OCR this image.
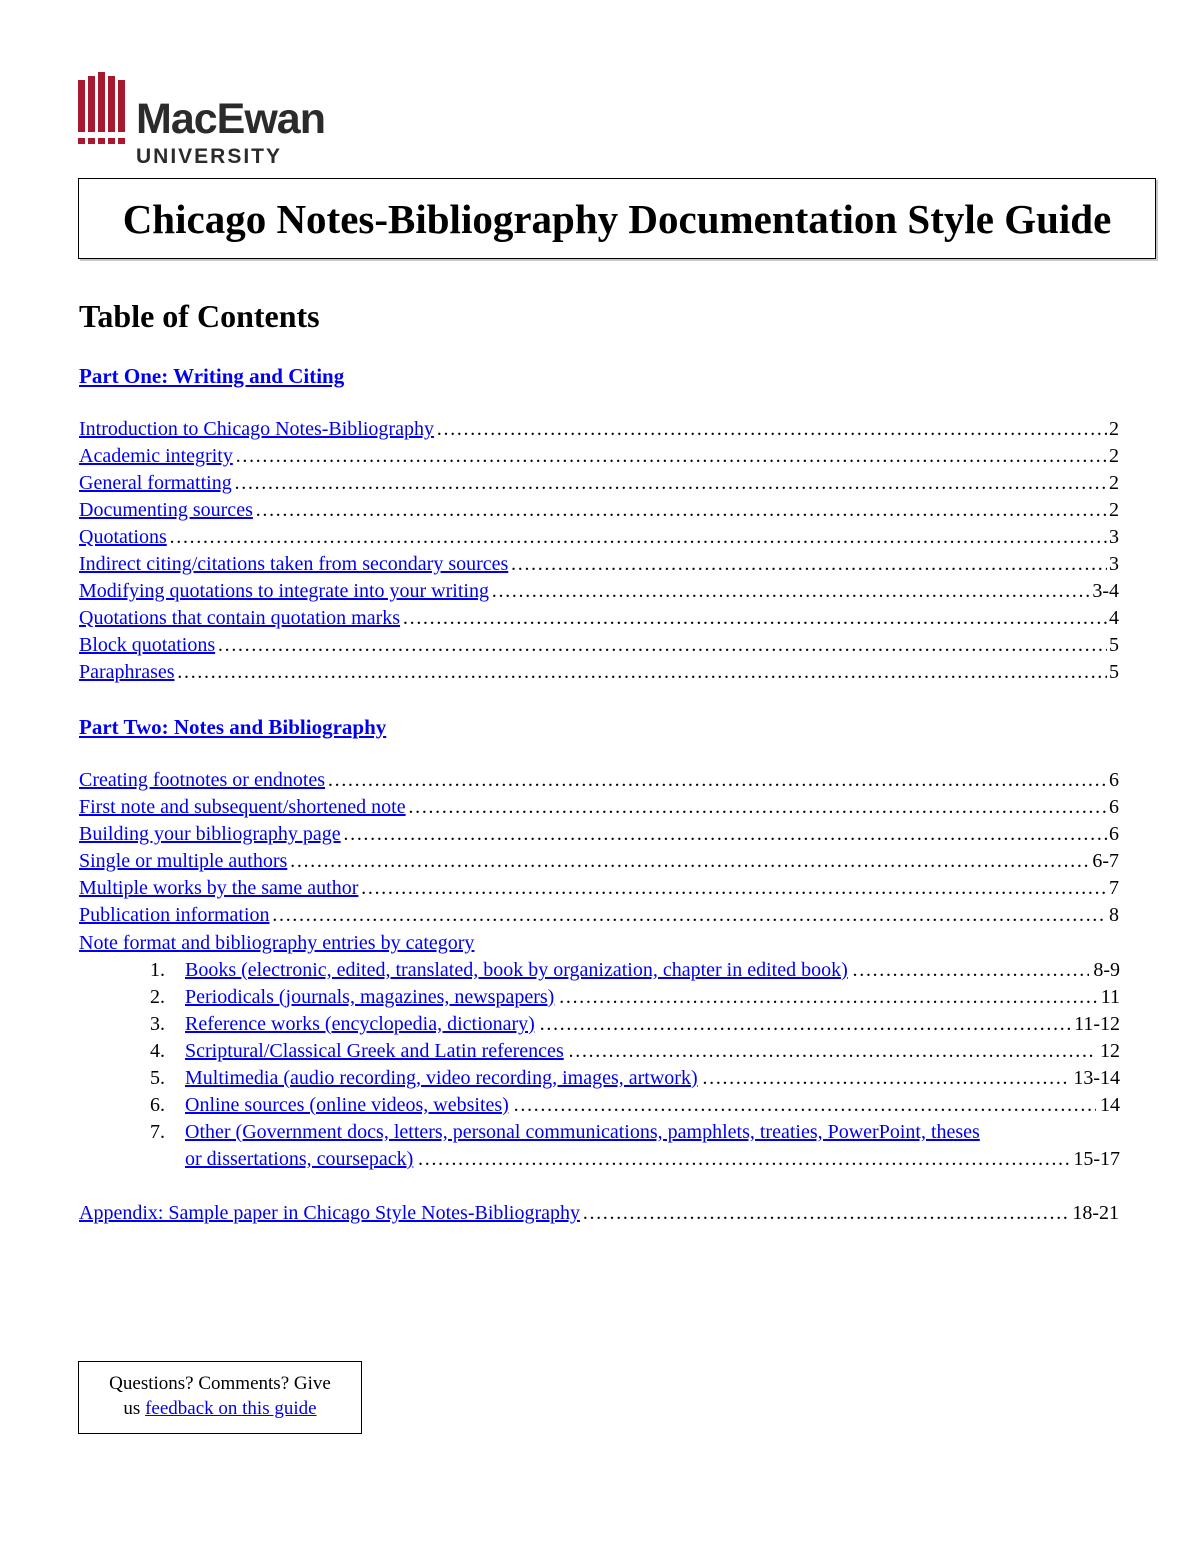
MacEwan
UNIVERSITY
Chicago Notes-Bibliography Documentation Style Guide
Table of Contents
Part One: Writing and Citing
Introduction to Chicago Notes-Bibliography ……………………………………………………………………………………………………………………………………………………………………………………………………………………………………	2
Academic integrity ……………………………………………………………………………………………………………………………………………………………………………………………………………………………………	2
General formatting ……………………………………………………………………………………………………………………………………………………………………………………………………………………………………	2
Documenting sources ……………………………………………………………………………………………………………………………………………………………………………………………………………………………………	2
Quotations ……………………………………………………………………………………………………………………………………………………………………………………………………………………………………	3
Indirect citing/citations taken from secondary sources ……………………………………………………………………………………………………………………………………………………………………………………………………………………………………	3
Modifying quotations to integrate into your writing ……………………………………………………………………………………………………………………………………………………………………………………………………………………………………	3-4
Quotations that contain quotation marks ……………………………………………………………………………………………………………………………………………………………………………………………………………………………………	4
Block quotations ……………………………………………………………………………………………………………………………………………………………………………………………………………………………………	5
Paraphrases ……………………………………………………………………………………………………………………………………………………………………………………………………………………………………	5
Part Two: Notes and Bibliography
Creating footnotes or endnotes ……………………………………………………………………………………………………………………………………………………………………………………………………………………………………	6
First note and subsequent/shortened note ……………………………………………………………………………………………………………………………………………………………………………………………………………………………………	6
Building your bibliography page ……………………………………………………………………………………………………………………………………………………………………………………………………………………………………	6
Single or multiple authors ……………………………………………………………………………………………………………………………………………………………………………………………………………………………………	6-7
Multiple works by the same author ……………………………………………………………………………………………………………………………………………………………………………………………………………………………………	7
Publication information ……………………………………………………………………………………………………………………………………………………………………………………………………………………………………	8
Note format and bibliography entries by category
1.	Books (electronic, edited, translated, book by organization, chapter in edited book) ……………………………………………………………………………………………………………………………………………………………………………………………………………………………………	8-9
2.	Periodicals (journals, magazines, newspapers) ……………………………………………………………………………………………………………………………………………………………………………………………………………………………………	11
3.	Reference works (encyclopedia, dictionary) ……………………………………………………………………………………………………………………………………………………………………………………………………………………………………	11-12
4.	Scriptural/Classical Greek and Latin references ……………………………………………………………………………………………………………………………………………………………………………………………………………………………………	12
5.	Multimedia (audio recording, video recording, images, artwork) ……………………………………………………………………………………………………………………………………………………………………………………………………………………………………	13-14
6.	Online sources (online videos, websites) ……………………………………………………………………………………………………………………………………………………………………………………………………………………………………	14
7.	Other (Government docs, letters, personal communications, pamphlets, treaties, PowerPoint, theses
or dissertations, coursepack) ……………………………………………………………………………………………………………………………………………………………………………………………………………………………………	15-17
Appendix: Sample paper in Chicago Style Notes-Bibliography ……………………………………………………………………………………………………………………………………………………………………………………………………………………………………	18-21
Questions? Comments? Give
us feedback on this guide
